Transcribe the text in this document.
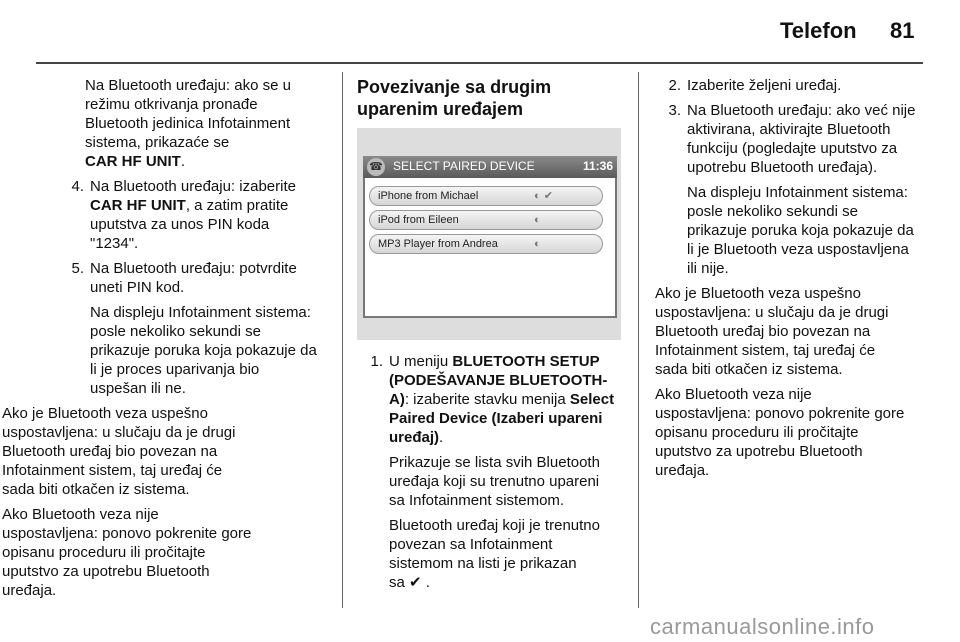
Telefon 81

Na Bluetooth uređaju: ako se u

režimu otkrivanja pronađe

Bluetooth jedinica Infotainment

sistema, prikazaće se

CAR HF UNIT.

4. Na Bluetooth uređaju: izaberite

CAR HF UNIT, a zatim pratite

uputstva za unos PIN koda

"1234".

5. Na Bluetooth uređaju: potvrdite

uneti PIN kod.

Na displeju Infotainment sistema:

posle nekoliko sekundi se

prikazuje poruka koja pokazuje da

li je proces uparivanja bio

uspešan ili ne.

Ako je Bluetooth veza uspešno

uspostavljena: u slučaju da je drugi

Bluetooth uređaj bio povezan na

Infotainment sistem, taj uređaj će

sada biti otkačen iz sistema.

Ako Bluetooth veza nije

uspostavljena: ponovo pokrenite gore

opisanu proceduru ili pročitajte

uputstvo za upotrebu Bluetooth

uređaja.

Povezivanje sa drugim

uparenim uređajem

☎ SELECT PAIRED DEVICE	11:36
iPhone from Michael	◐ ✔
iPod from Eileen	◐
MP3 Player from Andrea	◐
1. U meniju BLUETOOTH SETUP

(PODEŠAVANJE BLUETOOTH-

A): izaberite stavku menija Select

Paired Device (Izaberi upareni

uređaj).

Prikazuje se lista svih Bluetooth

uređaja koji su trenutno upareni

sa Infotainment sistemom.

Bluetooth uređaj koji je trenutno

povezan sa Infotainment

sistemom na listi je prikazan

sa ✔ .

2. Izaberite željeni uređaj.

3. Na Bluetooth uređaju: ako već nije

aktivirana, aktivirajte Bluetooth

funkciju (pogledajte uputstvo za

upotrebu Bluetooth uređaja).

Na displeju Infotainment sistema:

posle nekoliko sekundi se

prikazuje poruka koja pokazuje da

li je Bluetooth veza uspostavljena

ili nije.

Ako je Bluetooth veza uspešno

uspostavljena: u slučaju da je drugi

Bluetooth uređaj bio povezan na

Infotainment sistem, taj uređaj će

sada biti otkačen iz sistema.

Ako Bluetooth veza nije

uspostavljena: ponovo pokrenite gore

opisanu proceduru ili pročitajte

uputstvo za upotrebu Bluetooth

uređaja.

carmanualsonline.info
